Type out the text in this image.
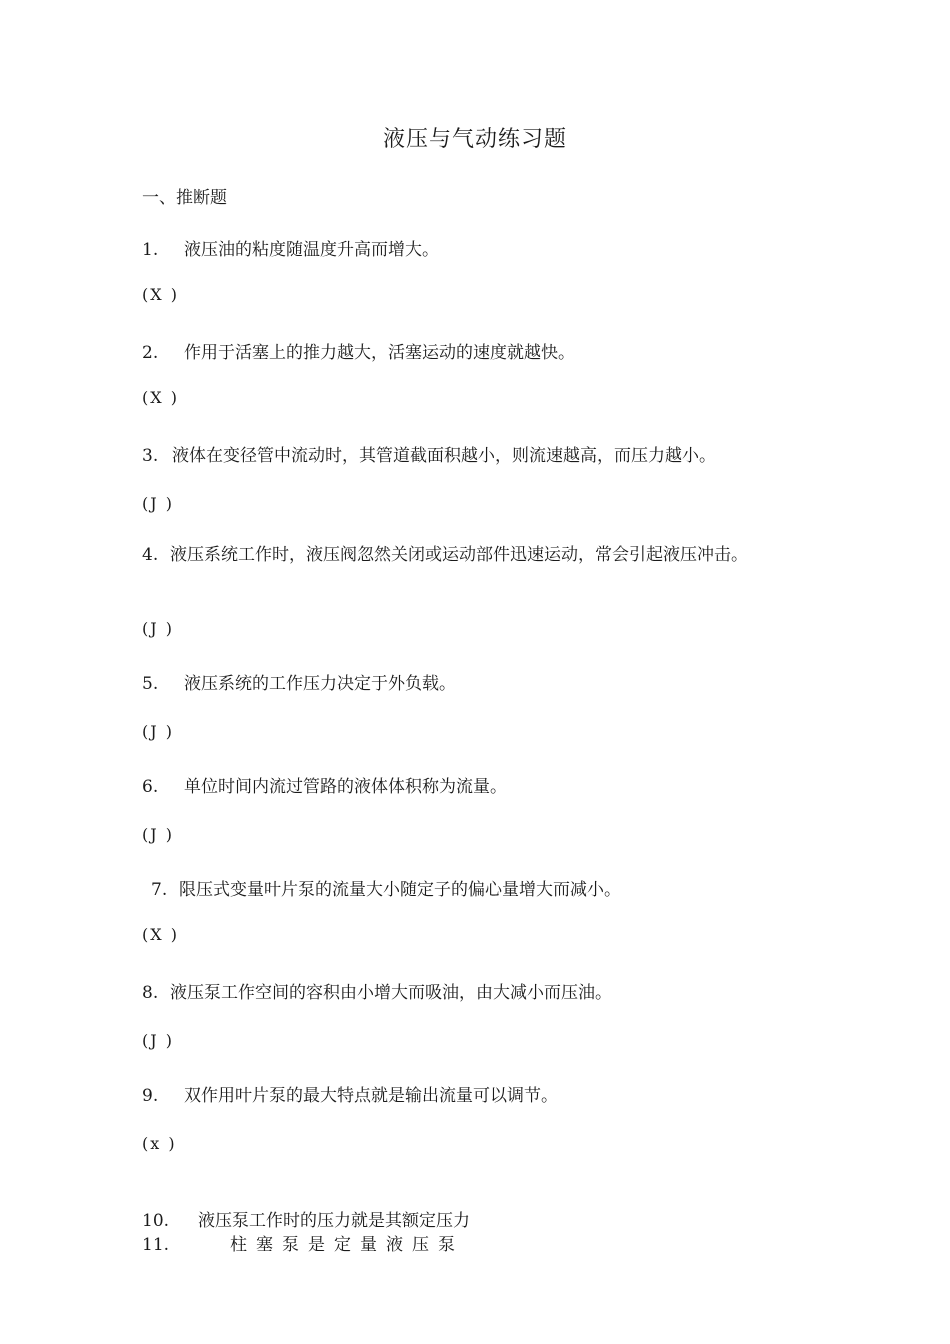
液压与气动练习题
一、推断题
1. 液压油的粘度随温度升高而增大。
(X )
2. 作用于活塞上的推力越大，活塞运动的速度就越快。
(X )
3. 液体在变径管中流动时，其管道截面积越小，则流速越高，而压力越小。
(J )
4. 液压系统工作时，液压阀忽然关闭或运动部件迅速运动，常会引起液压冲击。
(J )
5. 液压系统的工作压力决定于外负载。
(J )
6. 单位时间内流过管路的液体体积称为流量。
(J )
7. 限压式变量叶片泵的流量大小随定子的偏心量增大而减小。
(X )
8. 液压泵工作空间的容积由小增大而吸油，由大减小而压油。
(J )
9. 双作用叶片泵的最大特点就是输出流量可以调节。
(x )
10. 液压泵工作时的压力就是其额定压力
11.	柱塞泵是定量液压泵
